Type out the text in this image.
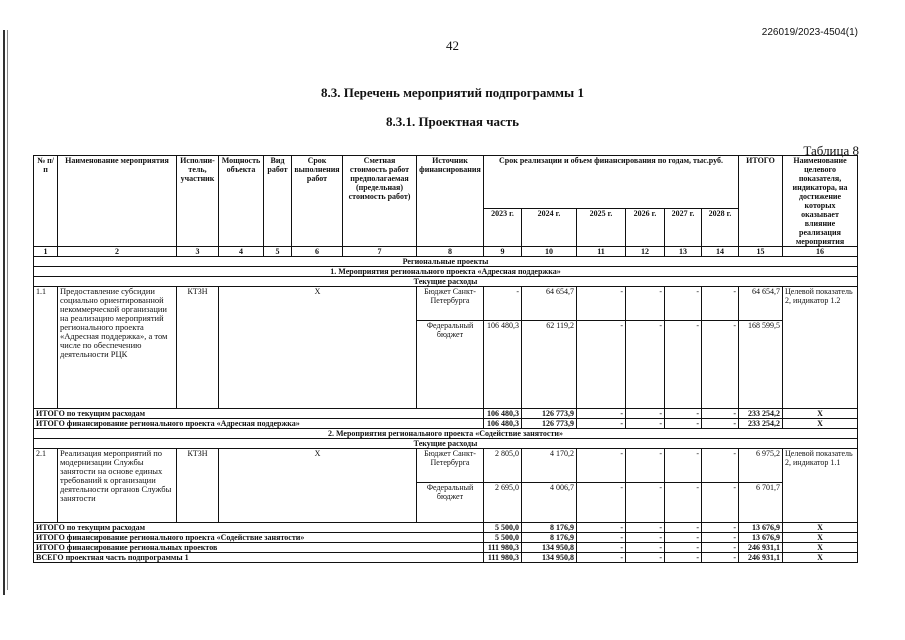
226019/2023-4504(1)
42
8.3. Перечень мероприятий подпрограммы 1
8.3.1. Проектная часть
Таблица 8
№ п/п	Наименование мероприятия	Исполни-тель, участник	Мощность объекта	Вид работ	Срок выполнения работ	Сметная стоимость работ предполагаемая (предельная) стоимость работ)	Источник финансирования	Срок реализации и объем финансирования по годам, тыс.руб.						ИТОГО	Наименование целевого показателя, индикатора, на достижение которых оказывает влияние реализация мероприятия
								2023 г.	2024 г.	2025 г.	2026 г.	2027 г.	2028 г.		
1	2	3	4	5	6	7	8	9	10	11	12	13	14	15	16
Региональные проекты															
1. Мероприятия регионального проекта «Адресная поддержка»															
Текущие расходы															
1.1	Предоставление субсидии социально ориентированной некоммерческой организации на реализацию мероприятий регионального проекта «Адресная поддержка», а том числе по обеспечению деятельности РЦК	КТЗН	Х				Бюджет Санкт-Петербурга	-	64 654,7	-	-	-	-	64 654,7	Целевой показатель 2, индикатор 1.2
							Федеральный бюджет	106 480,3	62 119,2	-	-	-	-	168 599,5	
ИТОГО по текущим расходам								106 480,3	126 773,9	-	-	-	-	233 254,2	Х
ИТОГО финансирование регионального проекта «Адресная поддержка»								106 480,3	126 773,9	-	-	-	-	233 254,2	Х
2. Мероприятия регионального проекта «Содействие занятости»															
Текущие расходы															
2.1	Реализация мероприятий по модернизации Службы занятости на основе единых требований к организации деятельности органов Службы занятости	КТЗН	Х				Бюджет Санкт-Петербурга	2 805,0	4 170,2	-	-	-	-	6 975,2	Целевой показатель 2, индикатор 1.1
							Федеральный бюджет	2 695,0	4 006,7	-	-	-	-	6 701,7	
ИТОГО по текущим расходам								5 500,0	8 176,9	-	-	-	-	13 676,9	Х
ИТОГО финансирование регионального проекта «Содействие занятости»								5 500,0	8 176,9	-	-	-	-	13 676,9	Х
ИТОГО финансирование региональных проектов								111 980,3	134 950,8	-	-	-	-	246 931,1	Х
ВСЕГО проектная часть подпрограммы 1								111 980,3	134 950,8	-	-	-	-	246 931,1	Х
